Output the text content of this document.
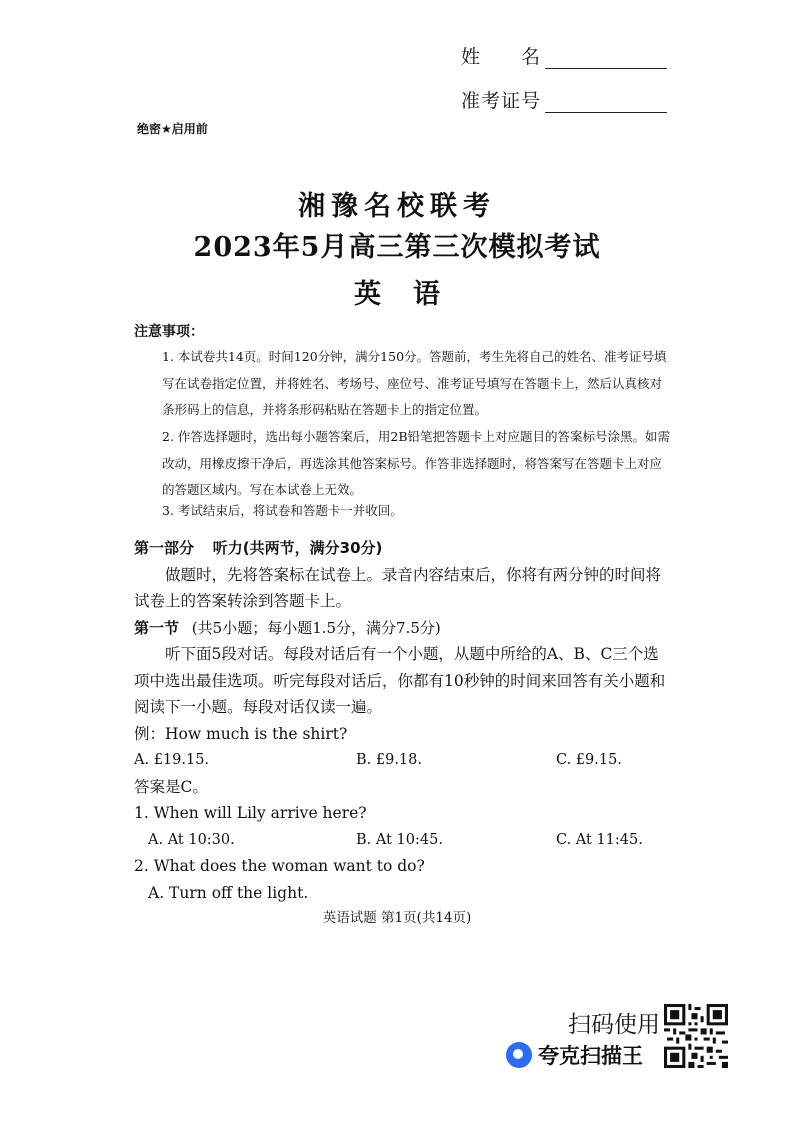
姓　　名
准考证号
绝密★启用前
湘豫名校联考
2023年5月高三第三次模拟考试
英语
注意事项：

1. 本试卷共14页。时间120分钟，满分150分。答题前，考生先将自己的姓名、准考证号填写在试卷指定位置，并将姓名、考场号、座位号、准考证号填写在答题卡上，然后认真核对条形码上的信息，并将条形码粘贴在答题卡上的指定位置。

2. 作答选择题时，选出每小题答案后，用2B铅笔把答题卡上对应题目的答案标号涂黑。如需改动，用橡皮擦干净后，再选涂其他答案标号。作答非选择题时，将答案写在答题卡上对应的答题区域内。写在本试卷上无效。

3. 考试结束后，将试卷和答题卡一并收回。

第一部分 听力(共两节，满分30分)

做题时，先将答案标在试卷上。录音内容结束后，你将有两分钟的时间将试卷上的答案转涂到答题卡上。

第一节 (共5小题；每小题1.5分，满分7.5分)

听下面5段对话。每段对话后有一个小题，从题中所给的A、B、C三个选项中选出最佳选项。听完每段对话后，你都有10秒钟的时间来回答有关小题和阅读下一小题。每段对话仅读一遍。

例：How much is the shirt?

A. £19.15.	B. £9.18.	C. £9.15.

答案是C。

1. When will Lily arrive here?

A. At 10:30.	B. At 10:45.	C. At 11:45.

2. What does the woman want to do?

A. Turn off the light.

英语试题 第1页(共14页)
扫码使用
夸克扫描王
